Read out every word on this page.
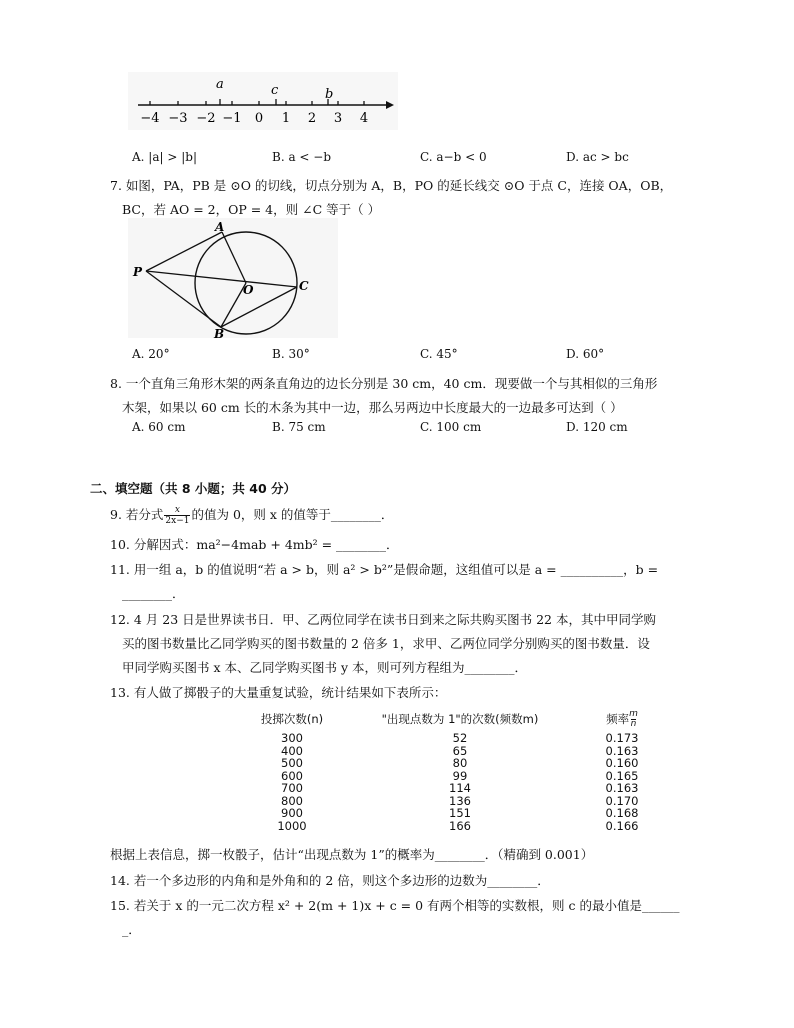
−4 −3 −2 −1 0 1 2 3 4
a	c	b
A. |a| > |b|	B. a < −b	C. a−b < 0	D. ac > bc
7. 如图，PA，PB 是 ⊙O 的切线，切点分别为 A，B，PO 的延长线交 ⊙O 于点 C，连接 OA，OB，
BC，若 AO = 2，OP = 4，则 ∠C 等于（ ）
A
P
O	C
B
A. 20°	B. 30°	C. 45°	D. 60°
8. 一个直角三角形木架的两条直角边的边长分别是 30 cm，40 cm．现要做一个与其相似的三角形
木架，如果以 60 cm 长的木条为其中一边，那么另两边中长度最大的一边最多可达到（ ）
A. 60 cm	B. 75 cm	C. 100 cm	D. 120 cm
二、填空题（共 8 小题；共 40 分）
9. 若分式 $\frac{x}{2x-1}$ 的值为 0，则 x 的值等于________．
10. 分解因式：ma²−4mab + 4mb² = ________．
11. 用一组 a，b 的值说明“若 a > b，则 a² > b²”是假命题，这组值可以是 a = __________，b =
________．
12. 4 月 23 日是世界读书日．甲、乙两位同学在读书日到来之际共购买图书 22 本，其中甲同学购
买的图书数量比乙同学购买的图书数量的 2 倍多 1，求甲、乙两位同学分别购买的图书数量．设
甲同学购买图书 x 本、乙同学购买图书 y 本，则可列方程组为________．
13. 有人做了掷骰子的大量重复试验，统计结果如下表所示：
投掷次数(n)	"出现点数为 1"的次数(频数m)	频率 $\frac{m}{n}$

300	52	0.173
400	65	0.163
500	80	0.160
600	99	0.165
700	114	0.163
800	136	0.170
900	151	0.168
1000	166	0.166
根据上表信息，掷一枚骰子，估计“出现点数为 1”的概率为________．（精确到 0.001）
14. 若一个多边形的内角和是外角和的 2 倍，则这个多边形的边数为________．
15. 若关于 x 的一元二次方程 x² + 2(m + 1)x + c = 0 有两个相等的实数根，则 c 的最小值是______
_．
